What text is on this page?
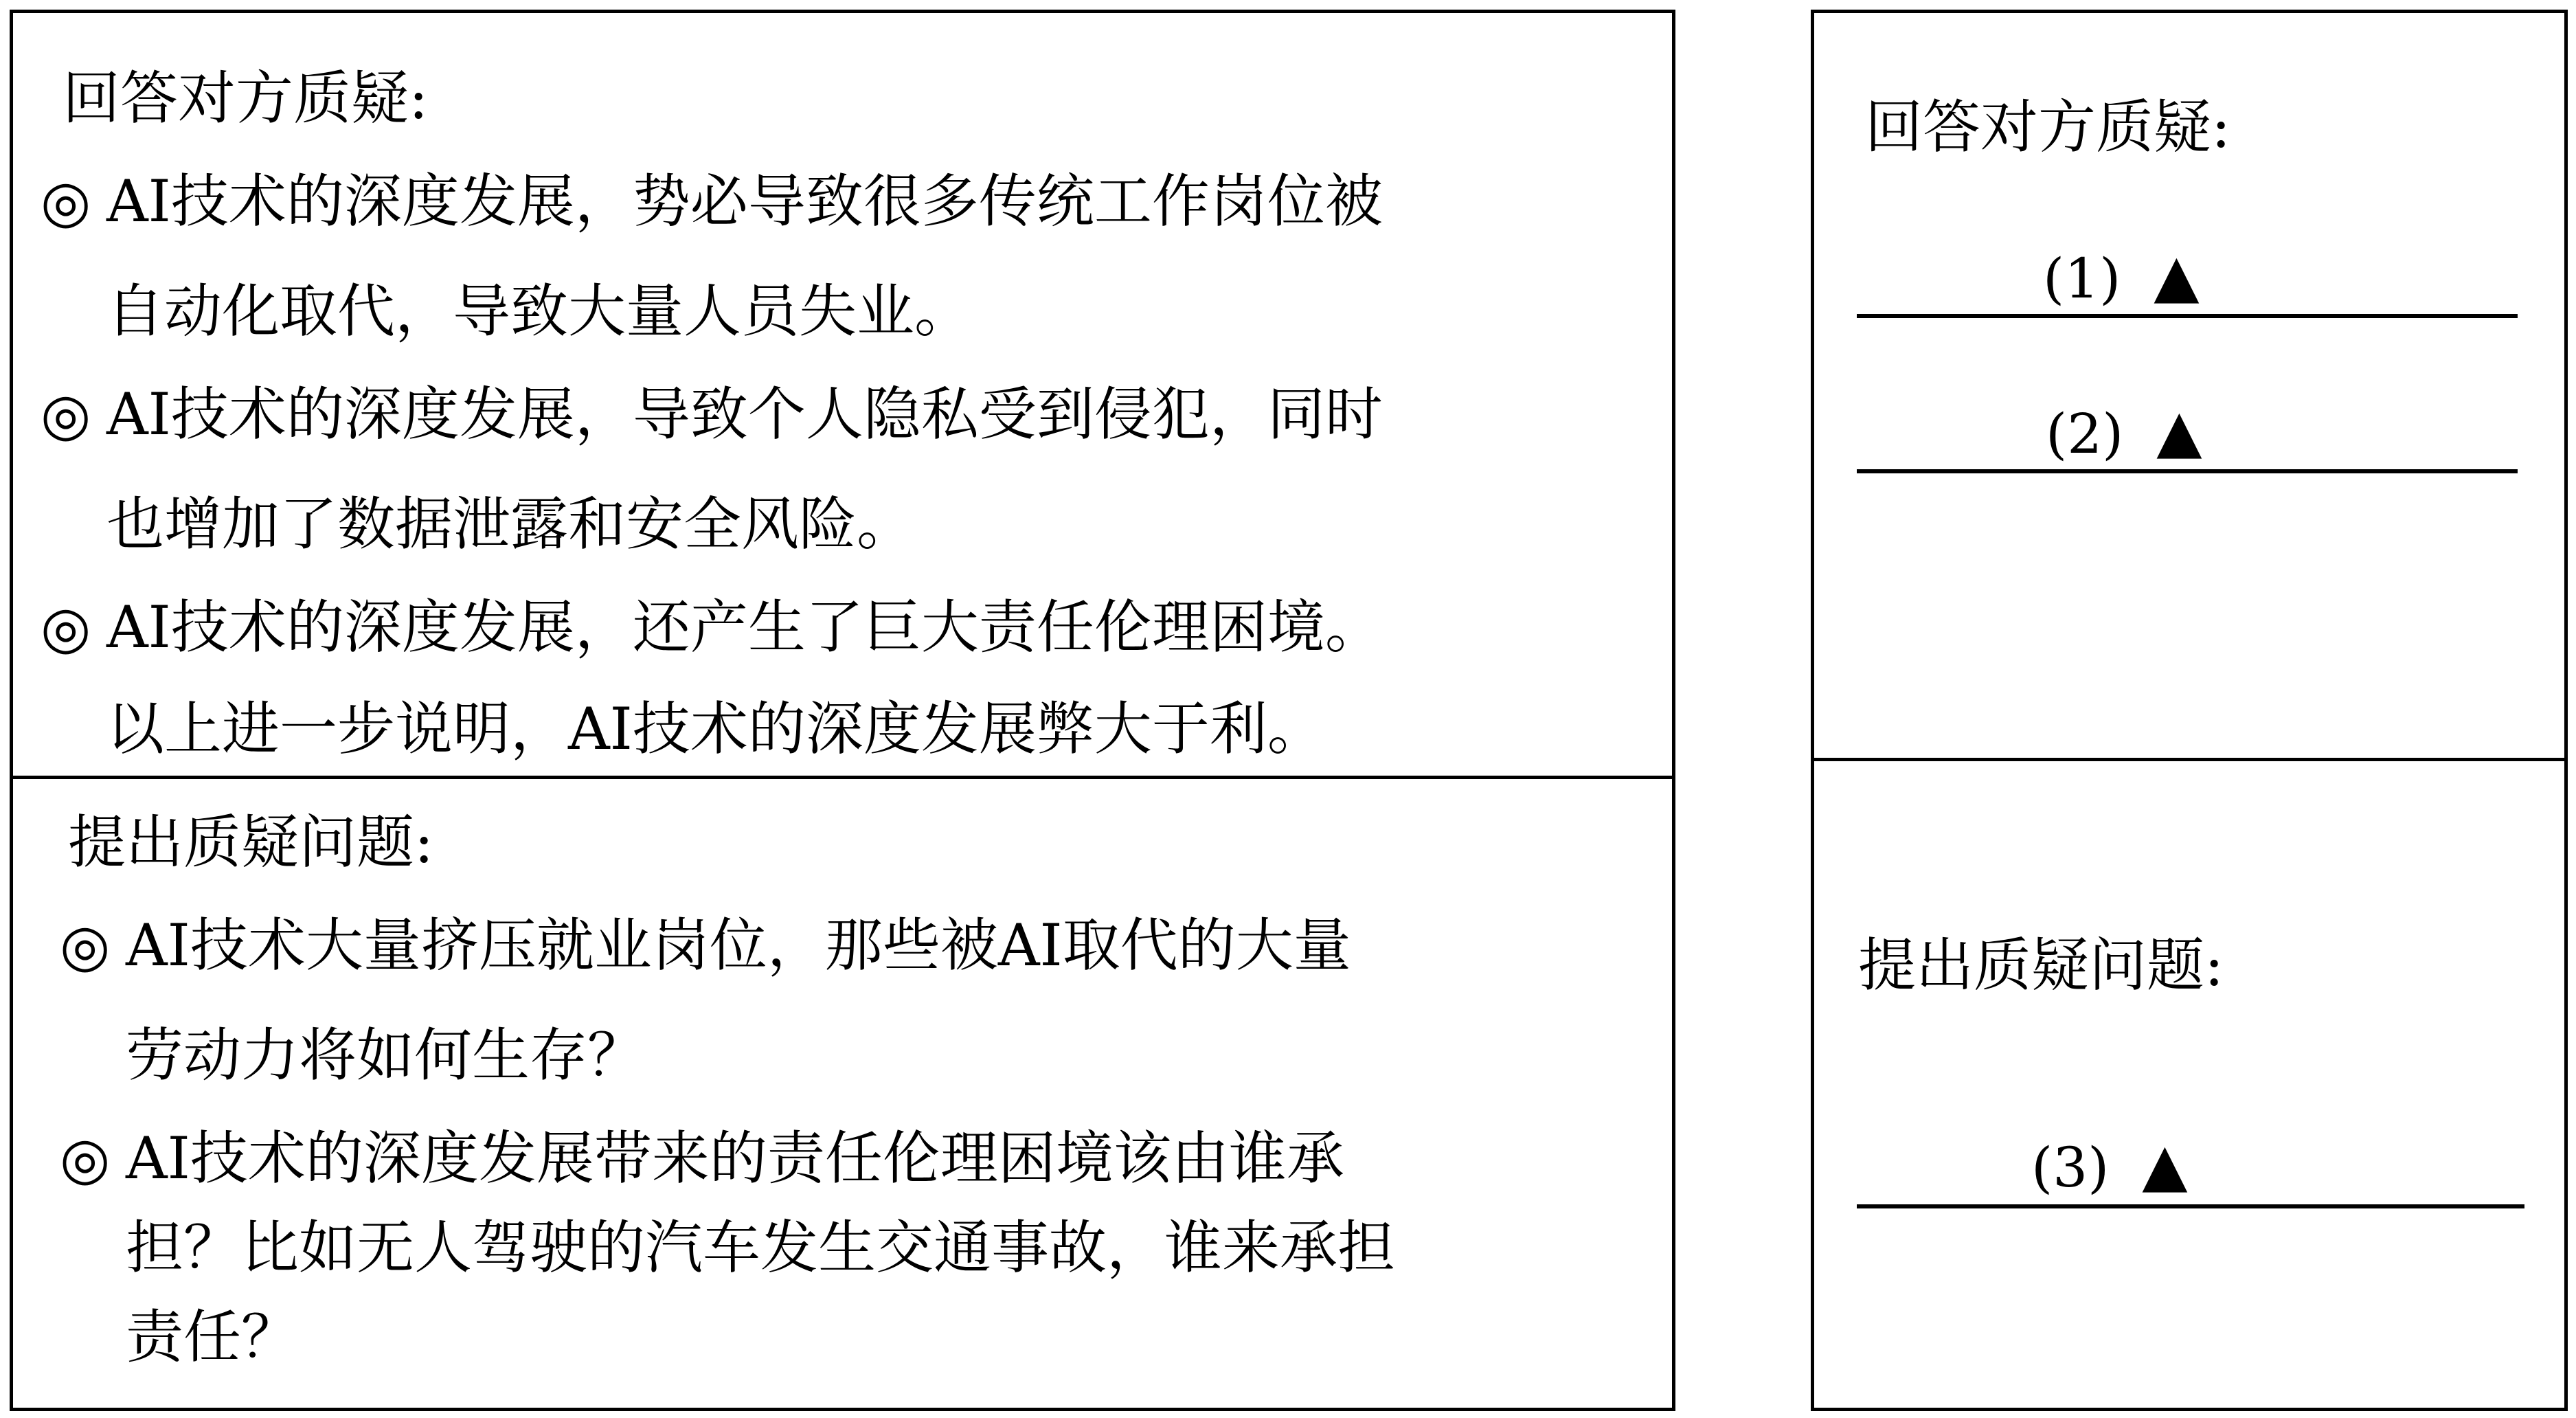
回答对方质疑:
◎ AI技术的深度发展，势必导致很多传统工作岗位被
自动化取代，导致大量人员失业。
◎ AI技术的深度发展，导致个人隐私受到侵犯，同时
也增加了数据泄露和安全风险。
◎ AI技术的深度发展，还产生了巨大责任伦理困境。
以上进一步说明，AI技术的深度发展弊大于利。
提出质疑问题:
◎ AI技术大量挤压就业岗位，那些被AI取代的大量
劳动力将如何生存？
◎ AI技术的深度发展带来的责任伦理困境该由谁承
担？比如无人驾驶的汽车发生交通事故，谁来承担
责任？
回答对方质疑:
(1) ▲
(2) ▲
提出质疑问题:
(3) ▲
